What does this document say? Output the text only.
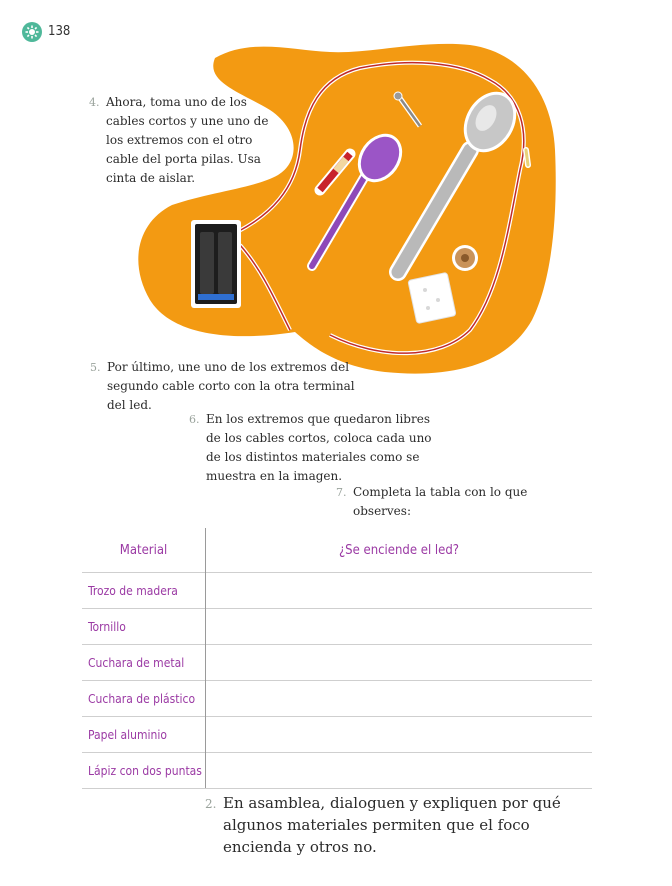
138
4. Ahora, toma uno de los cables cortos y une uno de los extremos con el otro cable del porta pilas. Usa cinta de aislar.
5. Por último, une uno de los extremos del segundo cable corto con la otra terminal del led.
6. En los extremos que quedaron libres de los cables cortos, coloca cada uno de los distintos materiales como se muestra en la imagen.
7. Completa la tabla con lo que observes:
Material	¿Se enciende el led?
Trozo de madera	
Tornillo	
Cuchara de metal	
Cuchara de plástico	
Papel aluminio	
Lápiz con dos puntas	
2. En asamblea, dialoguen y expliquen por qué algunos materiales permiten que el foco encienda y otros no.
